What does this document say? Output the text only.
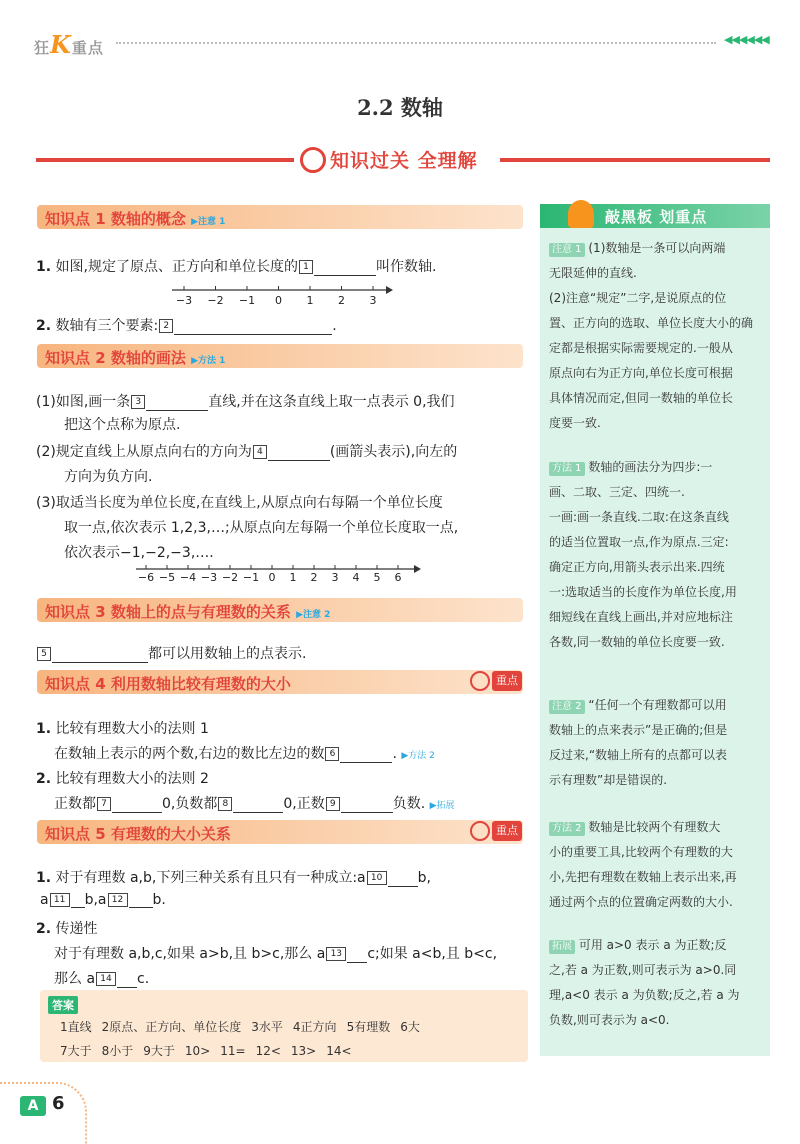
狂K重点	◀◀◀◀◀◀
2.2 数轴
知识过关 全理解
知识点 1 数轴的概念 ▶注意 1
1. 如图,规定了原点、正方向和单位长度的 1	叫作数轴.
−3 −2 −1 0 1 2 3
2. 数轴有三个要素: 2	.
知识点 2 数轴的画法 ▶方法 1
(1)如图,画一条 3	直线,并在这条直线上取一点表示 0,我们
把这个点称为原点.
(2)规定直线上从原点向右的方向为 4	(画箭头表示),向左的
方向为负方向.
(3)取适当长度为单位长度,在直线上,从原点向右每隔一个单位长度
取一点,依次表示 1,2,3,…;从原点向左每隔一个单位长度取一点,
依次表示−1,−2,−3,….
−6 −5 −4 −3 −2 −1 0 1 2 3 4 5 6
知识点 3 数轴上的点与有理数的关系 ▶注意 2
5	都可以用数轴上的点表示.
知识点 4 利用数轴比较有理数的大小	重点
1. 比较有理数大小的法则 1
在数轴上表示的两个数,右边的数比左边的数 6	. ▶方法 2
2. 比较有理数大小的法则 2
正数都 7	0,负数都 8	0,正数 9	负数. ▶拓展
知识点 5 有理数的大小关系	重点
1. 对于有理数 a,b,下列三种关系有且只有一种成立:a 10	b,
a 11 b,a 12 b.
2. 传递性
对于有理数 a,b,c,如果 a>b,且 b>c,那么 a 13 c;如果 a<b,且 b<c,
那么 a 14 c.
答案
1直线 2原点、正方向、单位长度 3水平 4正方向 5有理数 6大
7大于 8小于 9大于 10> 11= 12< 13> 14<
敲黑板 划重点
注意 1 (1)数轴是一条可以向两端
无限延伸的直线.
(2)注意“规定”二字,是说原点的位
置、正方向的选取、单位长度大小的确
定都是根据实际需要规定的.一般从
原点向右为正方向,单位长度可根据
具体情况而定,但同一数轴的单位长
度要一致.
方法 1 数轴的画法分为四步:一
画、二取、三定、四统一.
一画:画一条直线.二取:在这条直线
的适当位置取一点,作为原点.三定:
确定正方向,用箭头表示出来.四统
一:选取适当的长度作为单位长度,用
细短线在直线上画出,并对应地标注
各数,同一数轴的单位长度要一致.
注意 2 “任何一个有理数都可以用
数轴上的点来表示”是正确的;但是
反过来,“数轴上所有的点都可以表
示有理数”却是错误的.
方法 2 数轴是比较两个有理数大
小的重要工具,比较两个有理数的大
小,先把有理数在数轴上表示出来,再
通过两个点的位置确定两数的大小.
拓展 可用 a>0 表示 a 为正数;反
之,若 a 为正数,则可表示为 a>0.同
理,a<0 表示 a 为负数;反之,若 a 为
负数,则可表示为 a<0.
A 6
